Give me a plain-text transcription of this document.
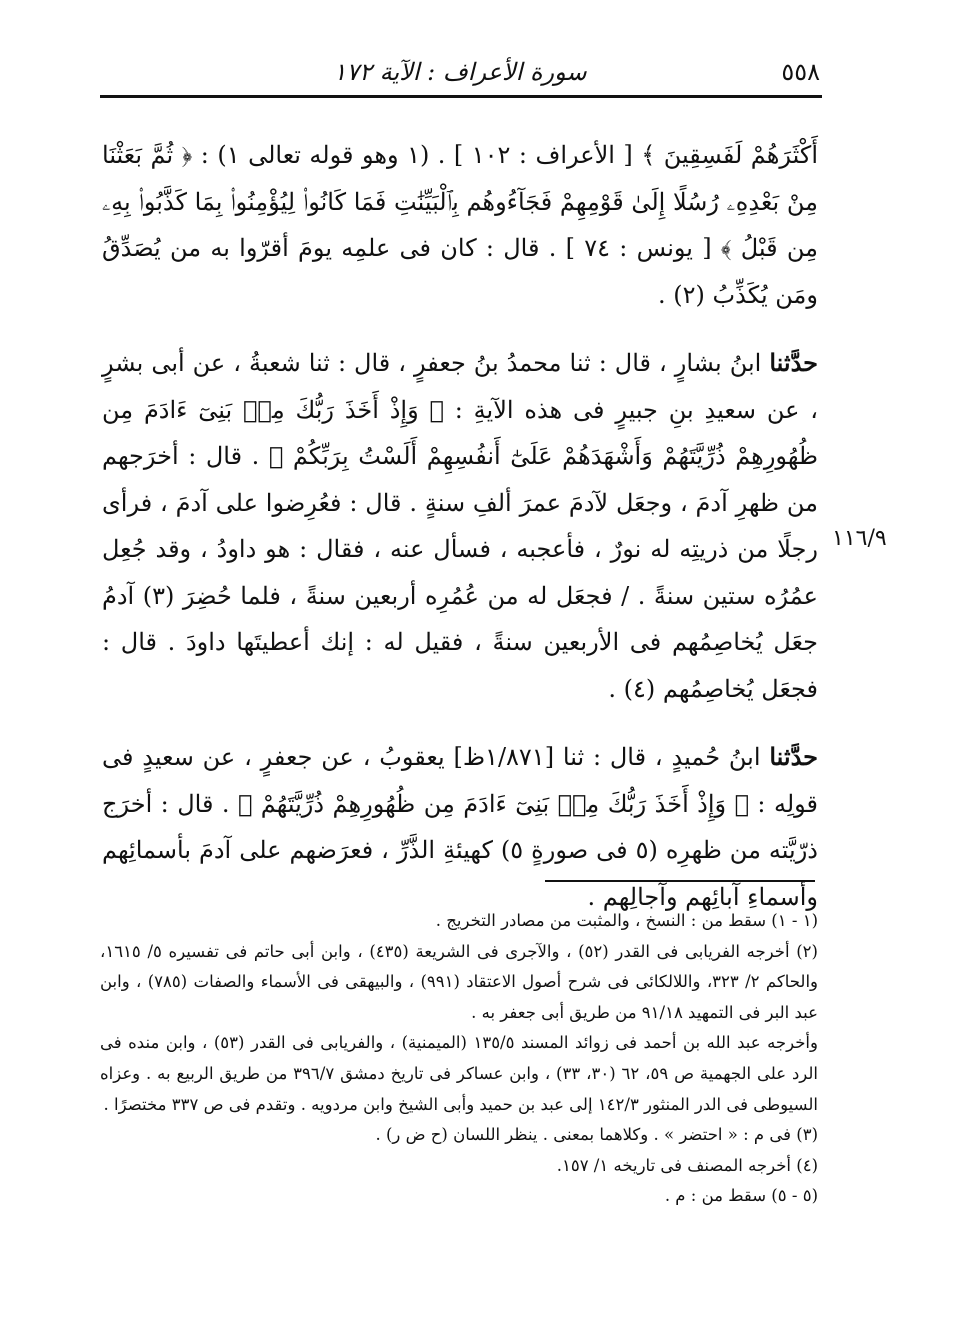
٥٥٨
سورة الأعراف : الآية ١٧٢

أَكْثَرَهُمْ لَفَسِقِينَ ﴾ [ الأعراف : ١٠٢ ] . (١ وهو قوله تعالى ١) : ﴿ ثُمَّ بَعَثْنَا مِنْ بَعْدِهِۦ رُسُلًا إِلَىٰ قَوْمِهِمْ فَجَآءُوهُم بِٱلْبَيِّنَٰتِ فَمَا كَانُوا۟ لِيُؤْمِنُوا۟ بِمَا كَذَّبُوا۟ بِهِۦ مِن قَبْلُ ﴾ [ يونس : ٧٤ ] . قال : كان فى علمِه يومَ أقرّوا به من يُصَدِّقُ ومَن يُكَذِّبُ (٢) .

حدَّثنا ابنُ بشارٍ ، قال : ثنا محمدُ بنُ جعفرٍ ، قال : ثنا شعبةُ ، عن أبى بشرٍ ، عن سعيدِ بنِ جبيرٍ فى هذه الآيةِ : ﴿ وَإِذْ أَخَذَ رَبُّكَ مِنۢ بَنِىٓ ءَادَمَ مِن ظُهُورِهِمْ ذُرِّيَّتَهُمْ وَأَشْهَدَهُمْ عَلَىٰٓ أَنفُسِهِمْ أَلَسْتُ بِرَبِّكُمْ ﴾ . قال : أخرَجهم من ظهرِ آدمَ ، وجعَل لآدمَ عمرَ ألفِ سنةٍ . قال : فعُرِضوا على آدمَ ، فرأى رجلًا من ذريتِه له نورٌ ، فأعجبه ، فسأل عنه ، فقال : هو داودُ ، وقد جُعِل عمُرُه ستين سنةً . / فجعَل له من عُمُرِه أربعين سنةً ، فلما حُضِرَ (٣) آدمُ جعَل يُخاصِمُهم فى الأربعين سنةً ، فقيل له : إنك أعطيتَها داودَ . قال : فجعَل يُخاصِمُهم (٤) .

حدَّثنا ابنُ حُميدٍ ، قال : ثنا [١/٨٧١ظ] يعقوبُ ، عن جعفرٍ ، عن سعيدٍ فى قولِه : ﴿ وَإِذْ أَخَذَ رَبُّكَ مِنۢ بَنِىٓ ءَادَمَ مِن ظُهُورِهِمْ ذُرِّيَّتَهُمْ ﴾ . قال : أخرَج ذرّيَّته من ظهرِه (٥ فى صورةٍ ٥) كهيئةِ الذَّرِّ ، فعرَضهم على آدمَ بأسمائِهم وأسماءِ آبائِهم وآجالِهم .

١١٦/٩

(١ - ١) سقط من : النسخ ، والمثبت من مصادر التخريج .

(٢) أخرجه الفريابى فى القدر (٥٢) ، والآجرى فى الشريعة (٤٣٥) ، وابن أبى حاتم فى تفسيره ٥/ ١٦١٥، والحاكم ٢/ ٣٢٣، واللالكائى فى شرح أصول الاعتقاد (٩٩١) ، والبيهقى فى الأسماء والصفات (٧٨٥) ، وابن عبد البر فى التمهيد ٩١/١٨ من طريق أبى جعفر به .

وأخرجه عبد الله بن أحمد فى زوائد المسند ١٣٥/٥ (الميمنية) ، والفريابى فى القدر (٥٣) ، وابن منده فى الرد على الجهمية ص ٥٩، ٦٢ (٣٠، ٣٣) ، وابن عساكر فى تاريخ دمشق ٣٩٦/٧ من طريق الربيع به . وعزاه السيوطى فى الدر المنثور ١٤٢/٣ إلى عبد بن حميد وأبى الشيخ وابن مردويه . وتقدم فى ص ٣٣٧ مختصرًا .

(٣) فى م : « احتضر » . وكلاهما بمعنى . ينظر اللسان (ح ض ر) .

(٤) أخرجه المصنف فى تاريخه ١/ ١٥٧.

(٥ - ٥) سقط من : م .
